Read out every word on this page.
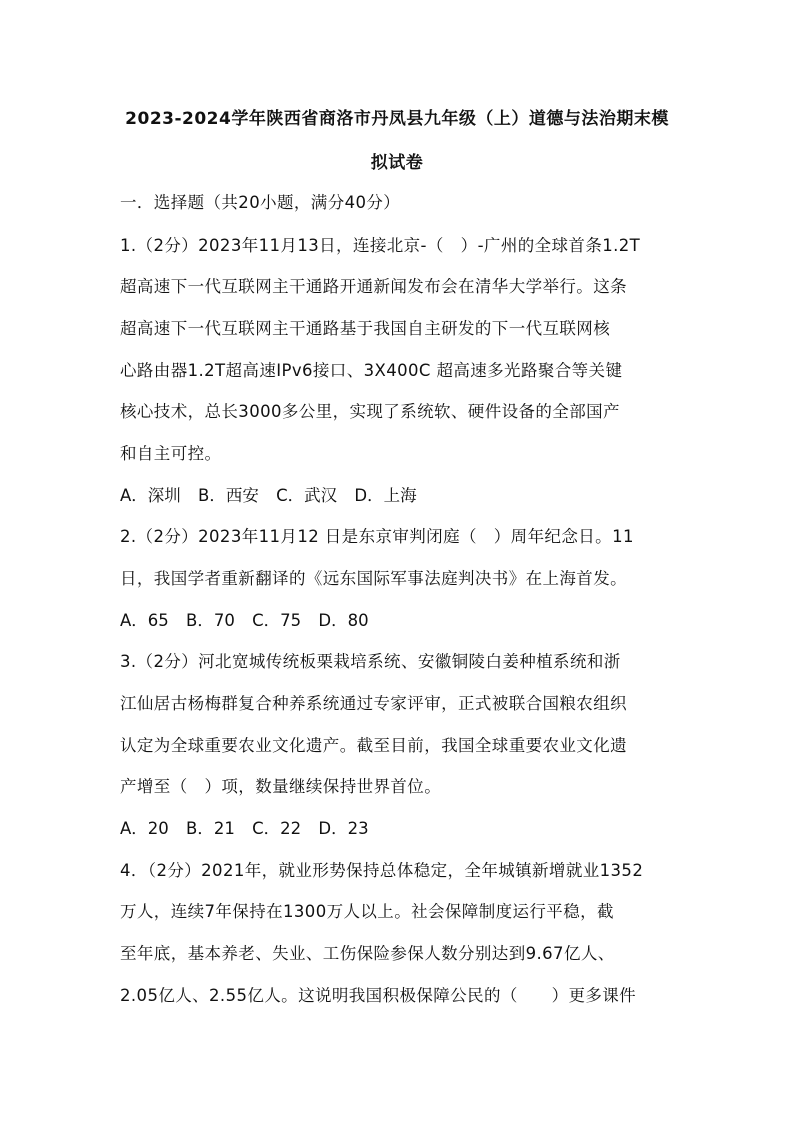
2023-2024学年陕西省商洛市丹凤县九年级（上）道德与法治期末模
拟试卷
一．选择题（共20小题，满分40分）
1.（2分）2023年11月13日，连接北京-（　）-广州的全球首条1.2T
超高速下一代互联网主干通路开通新闻发布会在清华大学举行。这条
超高速下一代互联网主干通路基于我国自主研发的下一代互联网核
心路由器1.2T超高速IPv6接口、3X400C 超高速多光路聚合等关键
核心技术，总长3000多公里，实现了系统软、硬件设备的全部国产
和自主可控。
A．深圳 B．西安 C．武汉 D．上海
2.（2分）2023年11月12 日是东京审判闭庭（　）周年纪念日。11
日，我国学者重新翻译的《远东国际军事法庭判决书》在上海首发。
A．65 B．70 C．75 D．80
3.（2分）河北宽城传统板栗栽培系统、安徽铜陵白姜种植系统和浙
江仙居古杨梅群复合种养系统通过专家评审，正式被联合国粮农组织
认定为全球重要农业文化遗产。截至目前，我国全球重要农业文化遗
产增至（　）项，数量继续保持世界首位。
A．20 B．21 C．22 D．23
4．（2分）2021年，就业形势保持总体稳定，全年城镇新增就业1352
万人，连续7年保持在1300万人以上。社会保障制度运行平稳，截
至年底，基本养老、失业、工伤保险参保人数分别达到9.67亿人、
2.05亿人、2.55亿人。这说明我国积极保障公民的（　　）更多课件
